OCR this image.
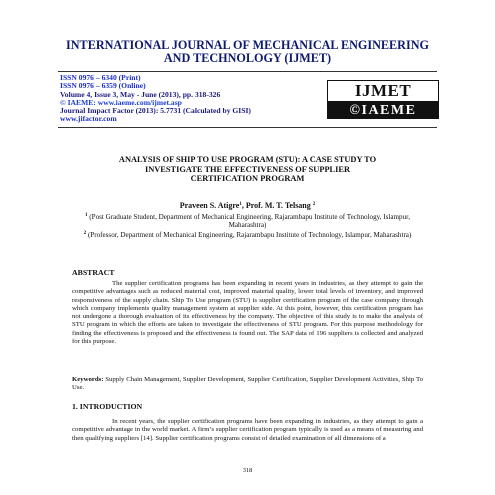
INTERNATIONAL JOURNAL OF MECHANICAL ENGINEERING
AND TECHNOLOGY (IJMET)
ISSN 0976 – 6340 (Print)
ISSN 0976 – 6359 (Online)
Volume 4, Issue 3, May - June (2013), pp. 318-326
© IAEME: www.iaeme.com/ijmet.asp
Journal Impact Factor (2013): 5.7731 (Calculated by GISI)
www.jifactor.com
IJMET
©IAEME
ANALYSIS OF SHIP TO USE PROGRAM (STU): A CASE STUDY TO
INVESTIGATE THE EFFECTIVENESS OF SUPPLIER
CERTIFICATION PROGRAM
Praveen S. Atigre$^1$, Prof. M. T. Telsang $^2$
$^1$ (Post Graduate Student, Department of Mechanical Engineering, Rajarambapu Institute of Technology, Islampur, Maharashtra)
$^2$ (Professor, Department of Mechanical Engineering, Rajarambapu Institute of Technology, Islampur, Maharashtra)
ABSTRACT
The supplier certification programs has been expanding in recent years in industries, as they attempt to gain the competitive advantages such as reduced material cost, improved material quality, lower total levels of inventory, and improved responsiveness of the supply chain. Ship To Use program (STU) is supplier certification program of the case company through which company implements quality management system at supplier side. At this point, however, this certification program has not undergone a thorough evaluation of its effectiveness by the company. The objective of this study is to make the analysis of STU program in which the efforts are taken to investigate the effectiveness of STU program. For this purpose methodology for finding the effectiveness is proposed and the effectiveness is found out. The SAP data of 196 suppliers is collected and analyzed for this purpose.
Keywords: Supply Chain Management, Supplier Development, Supplier Certification, Supplier Development Activities, Ship To Use.
1. INTRODUCTION
In recent years, the supplier certification programs have been expanding in industries, as they attempt to gain a competitive advantage in the world market. A firm’s supplier certification program typically is used as a means of measuring and then qualifying suppliers [14]. Supplier certification programs consist of detailed examination of all dimensions of a
318
